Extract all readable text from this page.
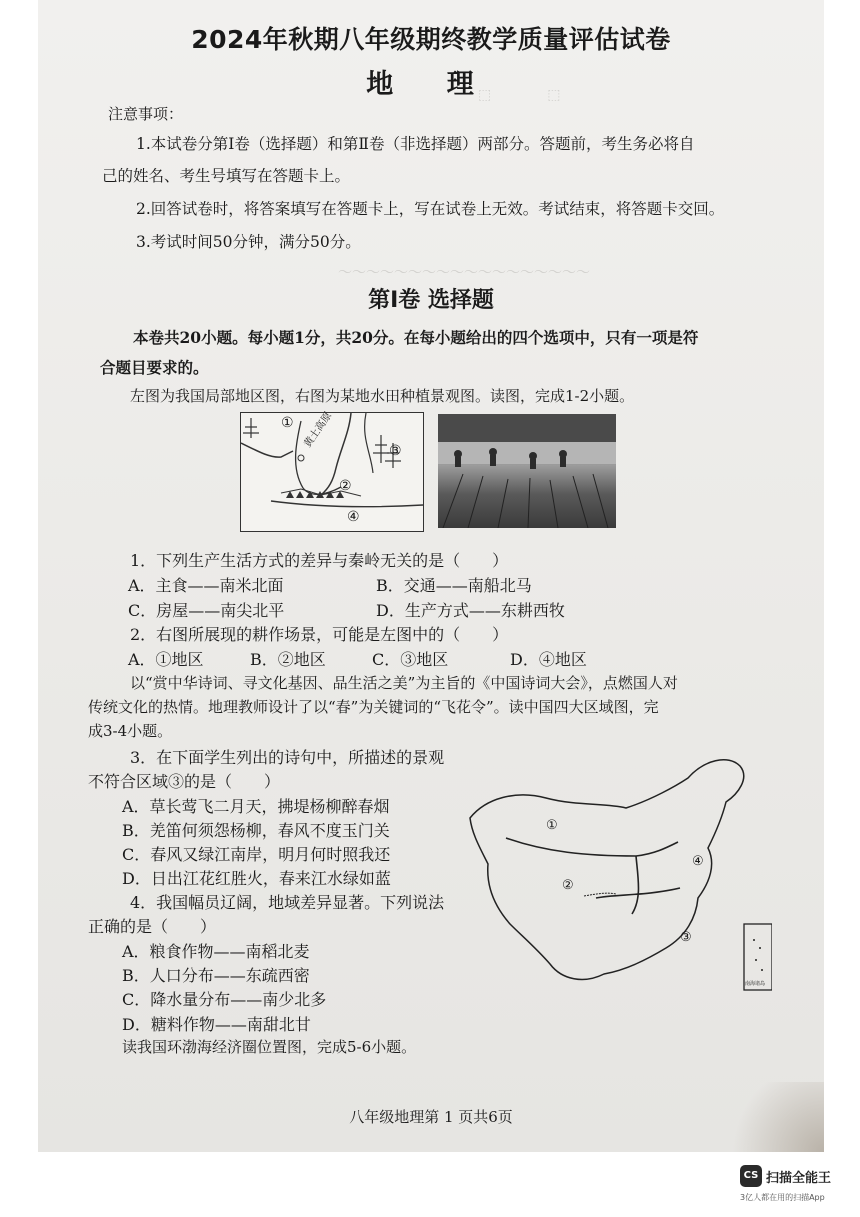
⬚　　　　⬚
～～～～～～～～～～～～～～～～～～
2024年秋期八年级期终教学质量评估试卷
地 理
注意事项：
1.本试卷分第Ⅰ卷（选择题）和第Ⅱ卷（非选择题）两部分。答题前，考生务必将自
己的姓名、考生号填写在答题卡上。
2.回答试卷时，将答案填写在答题卡上，写在试卷上无效。考试结束，将答题卡交回。
3.考试时间50分钟，满分50分。
第Ⅰ卷 选择题
本卷共20小题。每小题1分，共20分。在每小题给出的四个选项中，只有一项是符
合题目要求的。
左图为我国局部地区图，右图为某地水田种植景观图。读图，完成1-2小题。
①
③
②
④
黄土高原
1．下列生产生活方式的差异与秦岭无关的是（　　）
A．主食——南米北面	B．交通——南船北马
C．房屋——南尖北平	D．生产方式——东耕西牧
2．右图所展现的耕作场景，可能是左图中的（　　）
A．①地区	B．②地区	C．③地区	D．④地区
以“赏中华诗词、寻文化基因、品生活之美”为主旨的《中国诗词大会》，点燃国人对
传统文化的热情。地理教师设计了以“春”为关键词的“飞花令”。读中国四大区域图，完
成3-4小题。
3．在下面学生列出的诗句中，所描述的景观
不符合区域③的是（　　）
A．草长莺飞二月天，拂堤杨柳醉春烟
B．羌笛何须怨杨柳，春风不度玉门关
C．春风又绿江南岸，明月何时照我还
D．日出江花红胜火，春来江水绿如蓝
4．我国幅员辽阔，地域差异显著。下列说法
正确的是（　　）
A．粮食作物——南稻北麦
B．人口分布——东疏西密
C．降水量分布——南少北多
D．糖料作物——南甜北甘
读我国环渤海经济圈位置图，完成5-6小题。
①
②
③
④
南海诸岛
八年级地理第 1 页共6页
CS 扫描全能王
3亿人都在用的扫描App
